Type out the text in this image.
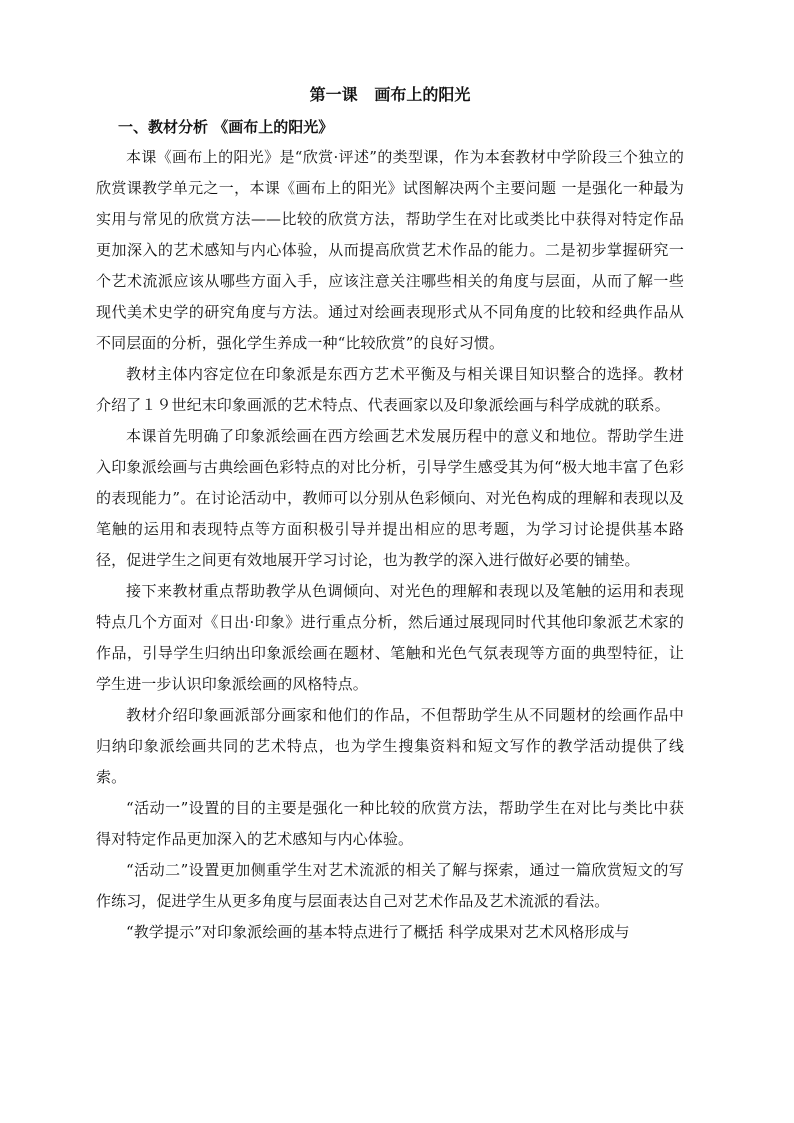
第一课   画布上的阳光
一、教材分析 《画布上的阳光》

本课《画布上的阳光》是“欣赏·评述”的类型课，作为本套教材中学阶段三个独立的欣赏课教学单元之一，本课《画布上的阳光》试图解决两个主要问题 一是强化一种最为实用与常见的欣赏方法——比较的欣赏方法，帮助学生在对比或类比中获得对特定作品更加深入的艺术感知与内心体验，从而提高欣赏艺术作品的能力。二是初步掌握研究一个艺术流派应该从哪些方面入手，应该注意关注哪些相关的角度与层面，从而了解一些现代美术史学的研究角度与方法。通过对绘画表现形式从不同角度的比较和经典作品从不同层面的分析，强化学生养成一种“比较欣赏”的良好习惯。

教材主体内容定位在印象派是东西方艺术平衡及与相关课目知识整合的选择。教材介绍了１９世纪末印象画派的艺术特点、代表画家以及印象派绘画与科学成就的联系。

本课首先明确了印象派绘画在西方绘画艺术发展历程中的意义和地位。帮助学生进入印象派绘画与古典绘画色彩特点的对比分析，引导学生感受其为何“极大地丰富了色彩的表现能力”。在讨论活动中，教师可以分别从色彩倾向、对光色构成的理解和表现以及笔触的运用和表现特点等方面积极引导并提出相应的思考题，为学习讨论提供基本路径，促进学生之间更有效地展开学习讨论，也为教学的深入进行做好必要的铺垫。

接下来教材重点帮助教学从色调倾向、对光色的理解和表现以及笔触的运用和表现特点几个方面对《日出·印象》进行重点分析，然后通过展现同时代其他印象派艺术家的作品，引导学生归纳出印象派绘画在题材、笔触和光色气氛表现等方面的典型特征，让学生进一步认识印象派绘画的风格特点。

教材介绍印象画派部分画家和他们的作品，不但帮助学生从不同题材的绘画作品中归纳印象派绘画共同的艺术特点，也为学生搜集资料和短文写作的教学活动提供了线索。

“活动一”设置的目的主要是强化一种比较的欣赏方法，帮助学生在对比与类比中获得对特定作品更加深入的艺术感知与内心体验。

“活动二”设置更加侧重学生对艺术流派的相关了解与探索，通过一篇欣赏短文的写作练习，促进学生从更多角度与层面表达自己对艺术作品及艺术流派的看法。

“教学提示”对印象派绘画的基本特点进行了概括 科学成果对艺术风格形成与
